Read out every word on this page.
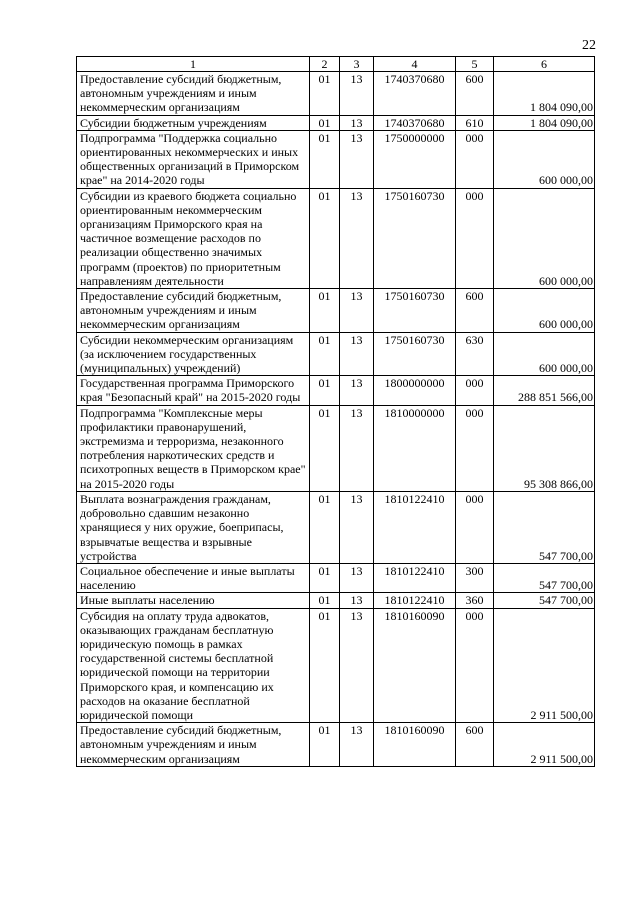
22
1	2	3	4	5	6
Предоставление субсидий бюджетным, автономным учреждениям и иным некоммерческим организациям	01	13	1740370680	600	1 804 090,00
Субсидии бюджетным учреждениям	01	13	1740370680	610	1 804 090,00
Подпрограмма "Поддержка социально ориентированных некоммерческих и иных общественных организаций в Приморском крае" на 2014-2020 годы	01	13	1750000000	000	600 000,00
Субсидии из краевого бюджета социально ориентированным некоммерческим организациям Приморского края на частичное возмещение расходов по реализации общественно значимых программ (проектов) по приоритетным направлениям деятельности	01	13	1750160730	000	600 000,00
Предоставление субсидий бюджетным, автономным учреждениям и иным некоммерческим организациям	01	13	1750160730	600	600 000,00
Субсидии некоммерческим организациям (за исключением государственных (муниципальных) учреждений)	01	13	1750160730	630	600 000,00
Государственная программа Приморского края "Безопасный край" на 2015-2020 годы	01	13	1800000000	000	288 851 566,00
Подпрограмма "Комплексные меры профилактики правонарушений, экстремизма и терроризма, незаконного потребления наркотических средств и психотропных веществ в Приморском крае" на 2015-2020 годы	01	13	1810000000	000	95 308 866,00
Выплата вознаграждения гражданам, добровольно сдавшим незаконно хранящиеся у них оружие, боеприпасы, взрывчатые вещества и взрывные устройства	01	13	1810122410	000	547 700,00
Социальное обеспечение и иные выплаты населению	01	13	1810122410	300	547 700,00
Иные выплаты населению	01	13	1810122410	360	547 700,00
Субсидия на оплату труда адвокатов, оказывающих гражданам бесплатную юридическую помощь в рамках государственной системы бесплатной юридической помощи на территории Приморского края, и компенсацию их расходов на оказание бесплатной юридической помощи	01	13	1810160090	000	2 911 500,00
Предоставление субсидий бюджетным, автономным учреждениям и иным некоммерческим организациям	01	13	1810160090	600	2 911 500,00
